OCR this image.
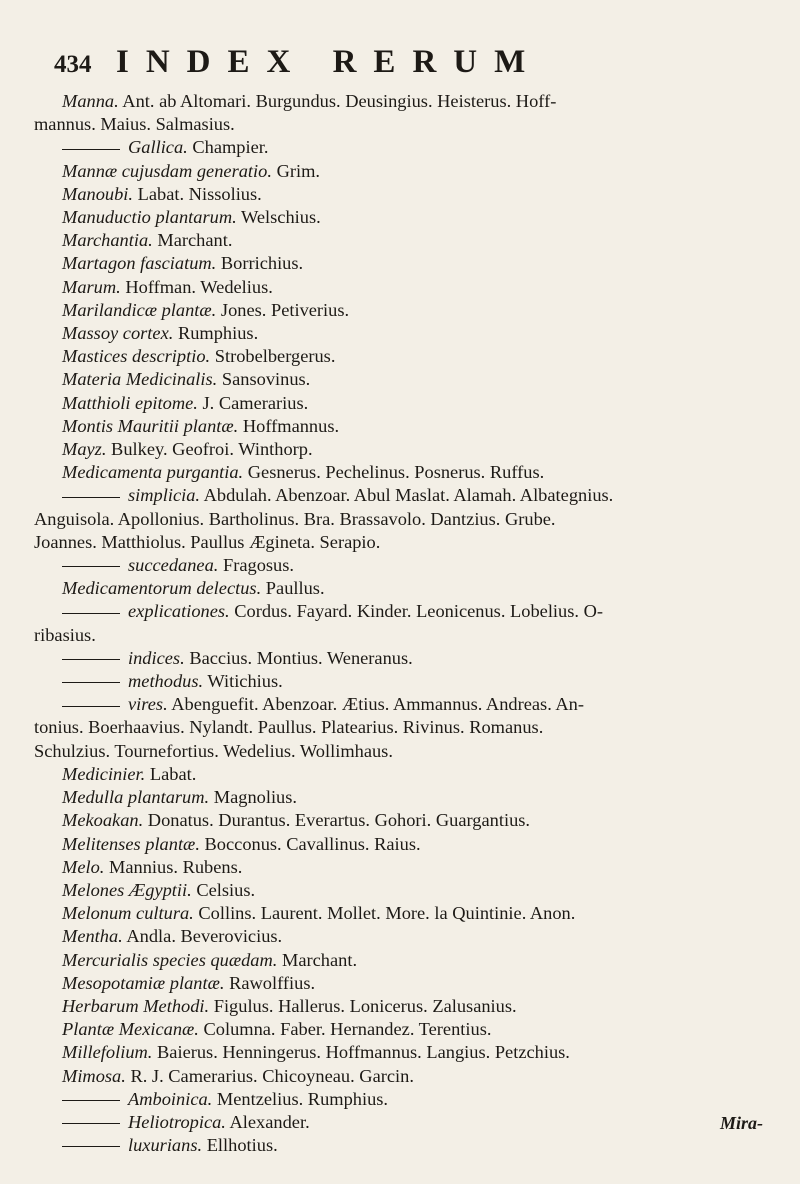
434 INDEX RERUM

Manna. Ant. ab Altomari. Burgundus. Deusingius. Heisterus. Hoff-

mannus. Maius. Salmasius.

Gallica. Champier.

Mannæ cujusdam generatio. Grim.

Manoubi. Labat. Nissolius.

Manuductio plantarum. Welschius.

Marchantia. Marchant.

Martagon fasciatum. Borrichius.

Marum. Hoffman. Wedelius.

Marilandicæ plantæ. Jones. Petiverius.

Massoy cortex. Rumphius.

Mastices descriptio. Strobelbergerus.

Materia Medicinalis. Sansovinus.

Matthioli epitome. J. Camerarius.

Montis Mauritii plantæ. Hoffmannus.

Mayz. Bulkey. Geofroi. Winthorp.

Medicamenta purgantia. Gesnerus. Pechelinus. Posnerus. Ruffus.

simplicia. Abdulah. Abenzoar. Abul Maslat. Alamah. Albategnius.

Anguisola. Apollonius. Bartholinus. Bra. Brassavolo. Dantzius. Grube.

Joannes. Matthiolus. Paullus Ægineta. Serapio.

succedanea. Fragosus.

Medicamentorum delectus. Paullus.

explicationes. Cordus. Fayard. Kinder. Leonicenus. Lobelius. O-

ribasius.

indices. Baccius. Montius. Weneranus.

methodus. Witichius.

vires. Abenguefit. Abenzoar. Ætius. Ammannus. Andreas. An-

tonius. Boerhaavius. Nylandt. Paullus. Platearius. Rivinus. Romanus.

Schulzius. Tournefortius. Wedelius. Wollimhaus.

Medicinier. Labat.

Medulla plantarum. Magnolius.

Mekoakan. Donatus. Durantus. Everartus. Gohori. Guargantius.

Melitenses plantæ. Bocconus. Cavallinus. Raius.

Melo. Mannius. Rubens.

Melones Ægyptii. Celsius.

Melonum cultura. Collins. Laurent. Mollet. More. la Quintinie. Anon.

Mentha. Andla. Beverovicius.

Mercurialis species quædam. Marchant.

Mesopotamiæ plantæ. Rawolffius.

Herbarum Methodi. Figulus. Hallerus. Lonicerus. Zalusanius.

Plantæ Mexicanæ. Columna. Faber. Hernandez. Terentius.

Millefolium. Baierus. Henningerus. Hoffmannus. Langius. Petzchius.

Mimosa. R. J. Camerarius. Chicoyneau. Garcin.

Amboinica. Mentzelius. Rumphius.

Heliotropica. Alexander.

luxurians. Ellhotius.

Mira-
